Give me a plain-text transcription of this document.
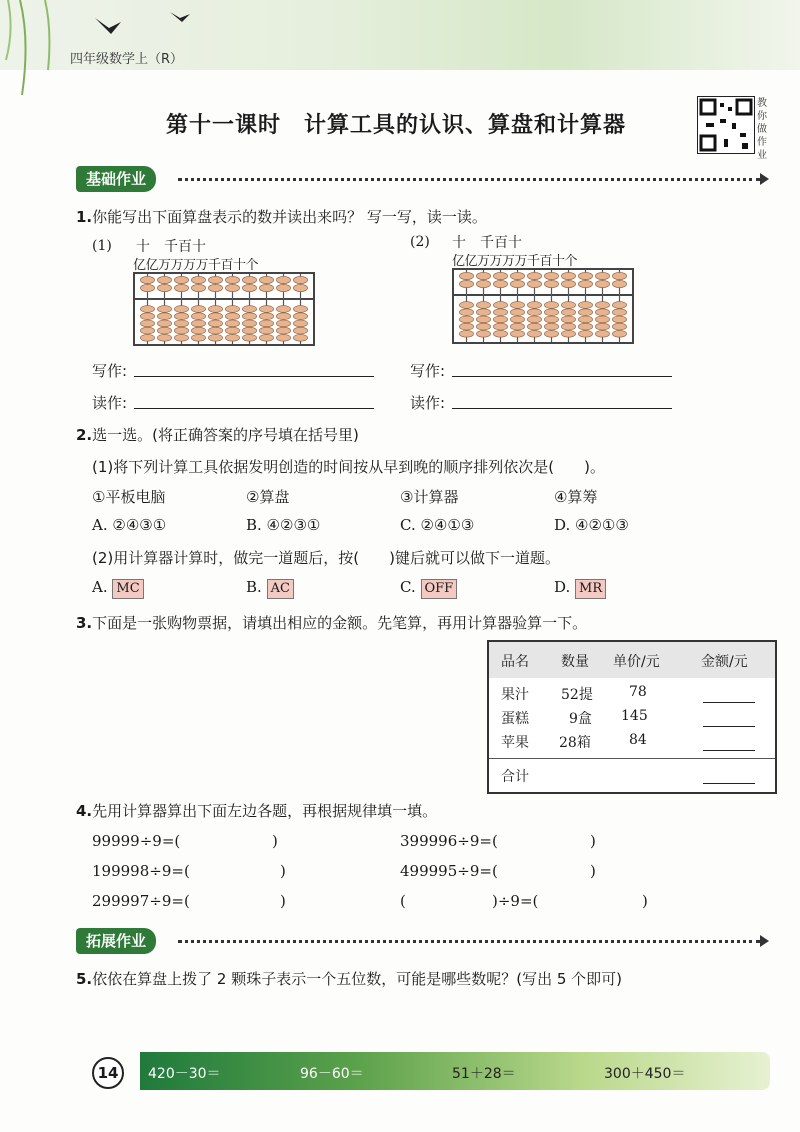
四年级数学上（R）
第十一课时　计算工具的认识、算盘和计算器
教你做作业
基础作业
1.你能写出下面算盘表示的数并读出来吗？ 写一写，读一读。
(1) 十　千百十
亿亿万万万万千百十个
(2) 十　千百十
亿亿万万万万千百十个
写作:
读作:
写作:
读作:
2.选一选。(将正确答案的序号填在括号里)
(1)将下列计算工具依据发明创造的时间按从早到晚的顺序排列依次是(　　)。
①平板电脑	②算盘	③计算器	④算筹
A. ②④③①	B. ④②③①	C. ②④①③	D. ④②①③
(2)用计算器计算时，做完一道题后，按(　　)键后就可以做下一道题。
A. MC	B. AC	C. OFF	D. MR
3.下面是一张购物票据，请填出相应的金额。先笔算，再用计算器验算一下。
品名 数量 单价/元	金额/元
果汁 52提	78
蛋糕	9盒 145
苹果 28箱	84
合计
4.先用计算器算出下面左边各题，再根据规律填一填。
99999÷9=(	)
199998÷9=(	)
299997÷9=(	)
399996÷9=(	)
499995÷9=(	)
(	)÷9=(	)
拓展作业
5.依依在算盘上拨了 2 颗珠子表示一个五位数，可能是哪些数呢？(写出 5 个即可)
14	420－30＝	96－60＝	51＋28＝	300＋450＝
